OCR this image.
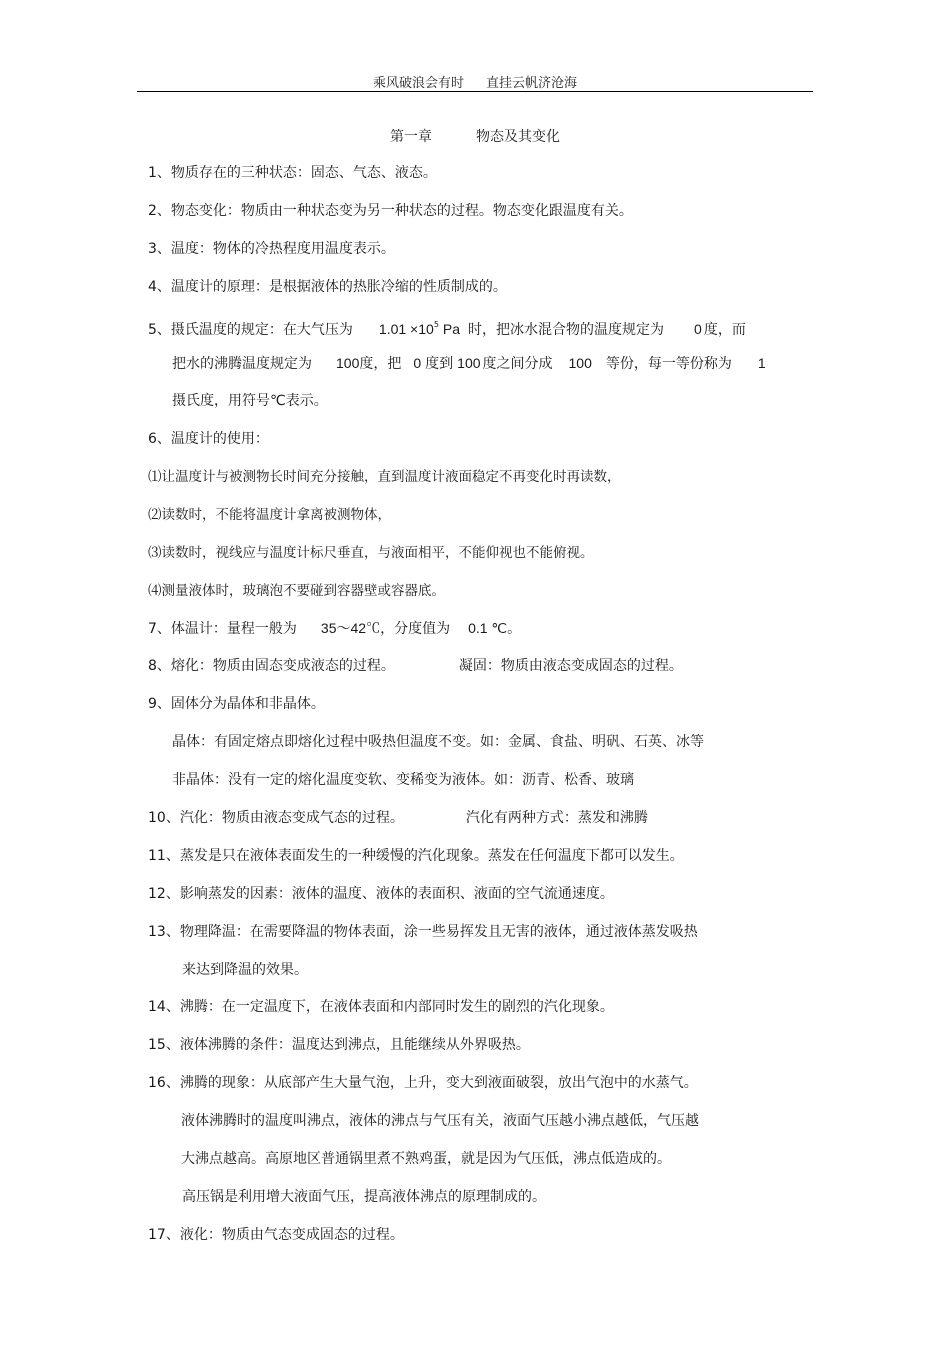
乘风破浪会有时 直挂云帆济沧海
第一章	物态及其变化
1、物质存在的三种状态：固态、气态、液态。
2、物态变化：物质由一种状态变为另一种状态的过程。物态变化跟温度有关。
3、温度：物体的冷热程度用温度表示。
4、温度计的原理：是根据液体的热胀冷缩的性质制成的。
5、摄氏温度的规定：在大气压为 $1.01 \times 10^5$ Pa 时，把冰水混合物的温度规定为 0 度，而
把水的沸腾温度规定为 100度，把 0 度到 100 度之间分成 100 等份，每一等份称为 1
摄氏度，用符号℃表示。
6、温度计的使用：
⑴让温度计与被测物长时间充分接触，直到温度计液面稳定不再变化时再读数，
⑵读数时，不能将温度计拿离被测物体，
⑶读数时，视线应与温度计标尺垂直，与液面相平，不能仰视也不能俯视。
⑷测量液体时，玻璃泡不要碰到容器壁或容器底。
7、体温计：量程一般为 35～42℃，分度值为 0.1 ℃。
8、熔化：物质由固态变成液态的过程。	凝固：物质由液态变成固态的过程。
9、固体分为晶体和非晶体。
晶体：有固定熔点即熔化过程中吸热但温度不变。如：金属、食盐、明矾、石英、冰等
非晶体：没有一定的熔化温度变软、变稀变为液体。如：沥青、松香、玻璃
10、汽化：物质由液态变成气态的过程。	汽化有两种方式：蒸发和沸腾
11、蒸发是只在液体表面发生的一种缓慢的汽化现象。蒸发在任何温度下都可以发生。
12、影响蒸发的因素：液体的温度、液体的表面积、液面的空气流通速度。
13、物理降温：在需要降温的物体表面，涂一些易挥发且无害的液体，通过液体蒸发吸热
来达到降温的效果。
14、沸腾：在一定温度下，在液体表面和内部同时发生的剧烈的汽化现象。
15、液体沸腾的条件：温度达到沸点，且能继续从外界吸热。
16、沸腾的现象：从底部产生大量气泡，上升，变大到液面破裂，放出气泡中的水蒸气。
液体沸腾时的温度叫沸点，液体的沸点与气压有关，液面气压越小沸点越低，气压越
大沸点越高。高原地区普通锅里煮不熟鸡蛋，就是因为气压低，沸点低造成的。
高压锅是利用增大液面气压，提高液体沸点的原理制成的。
17、液化：物质由气态变成固态的过程。
